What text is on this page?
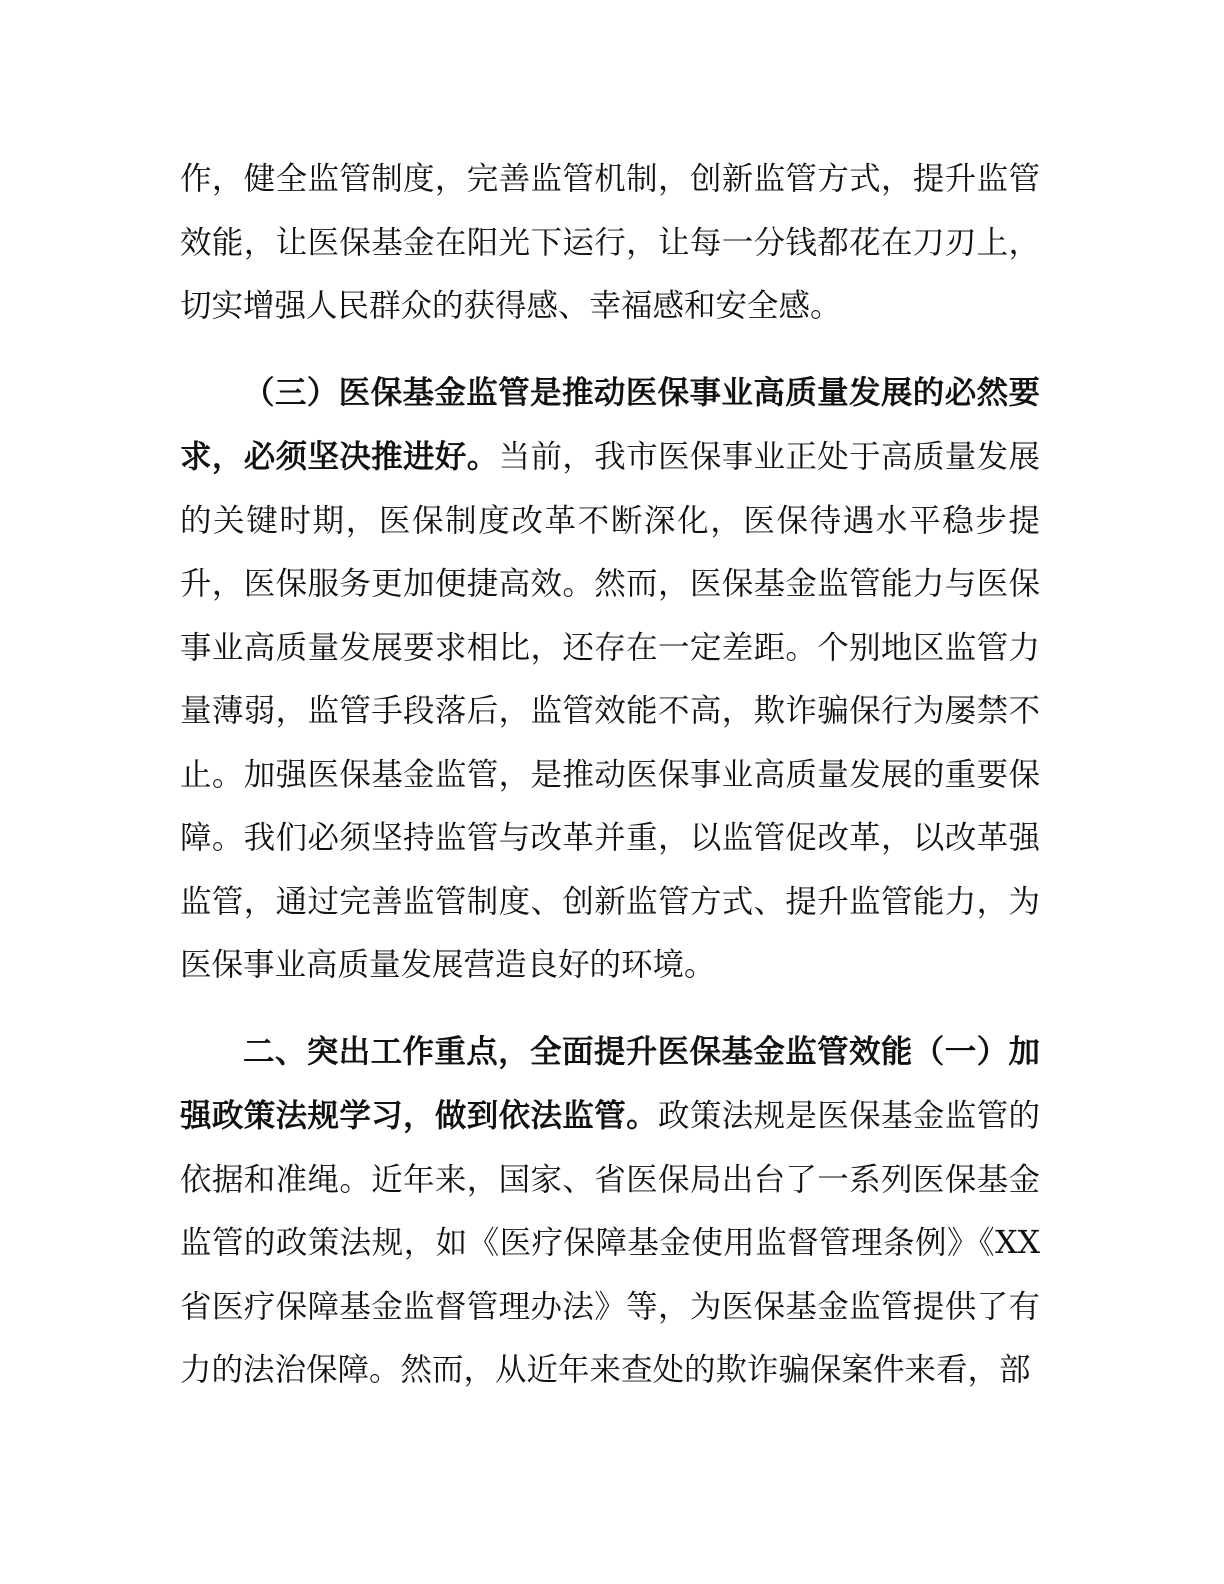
作，健全监管制度，完善监管机制，创新监管方式，提升监管效能，让医保基金在阳光下运行，让每一分钱都花在刀刃上，切实增强人民群众的获得感、幸福感和安全感。

（三）医保基金监管是推动医保事业高质量发展的必然要求，必须坚决推进好。当前，我市医保事业正处于高质量发展的关键时期，医保制度改革不断深化，医保待遇水平稳步提升，医保服务更加便捷高效。然而，医保基金监管能力与医保事业高质量发展要求相比，还存在一定差距。个别地区监管力量薄弱，监管手段落后，监管效能不高，欺诈骗保行为屡禁不止。加强医保基金监管，是推动医保事业高质量发展的重要保障。我们必须坚持监管与改革并重，以监管促改革，以改革强监管，通过完善监管制度、创新监管方式、提升监管能力，为医保事业高质量发展营造良好的环境。

二、突出工作重点，全面提升医保基金监管效能（一）加强政策法规学习，做到依法监管。政策法规是医保基金监管的依据和准绳。近年来，国家、省医保局出台了一系列医保基金监管的政策法规，如《医疗保障基金使用监督管理条例》《XX省医疗保障基金监督管理办法》等，为医保基金监管提供了有力的法治保障。然而，从近年来查处的欺诈骗保案件来看，部
